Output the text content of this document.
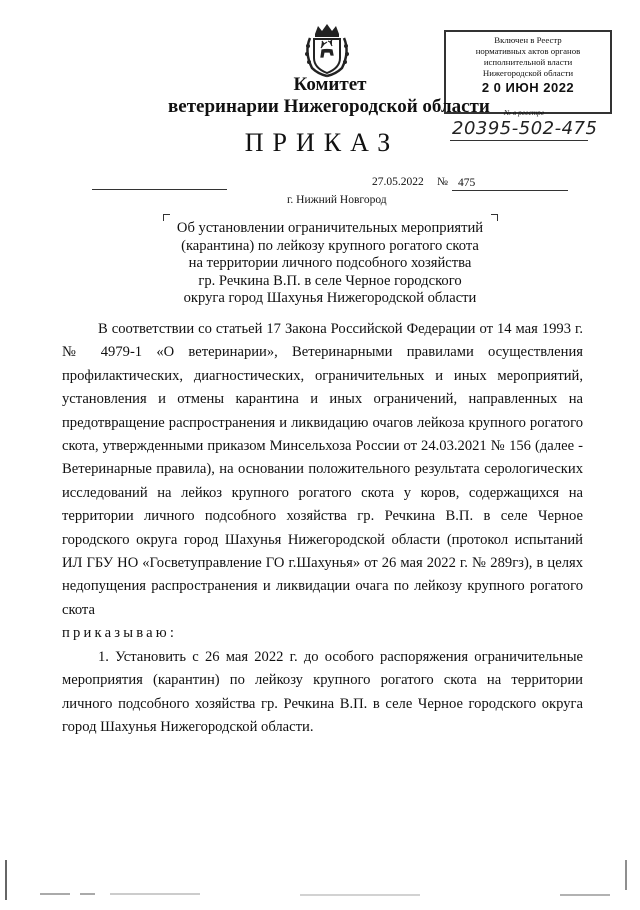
Включен в Реестр
нормативных актов органов
исполнительной власти
Нижегородской области
2 0 ИЮН 2022
№ в реестре
20395-502-475
Комитет
ветеринарии Нижегородской области
ПРИКАЗ
27.05.2022 № 475
г. Нижний Новгород
Об установлении ограничительных мероприятий
(карантина) по лейкозу крупного рогатого скота
на территории личного подсобного хозяйства
гр. Речкина В.П. в селе Черное городского
округа город Шахунья Нижегородской области

В соответствии со статьей 17 Закона Российской Федерации от 14 мая 1993 г. № 4979-1 «О ветеринарии», Ветеринарными правилами осуществления профилактических, диагностических, ограничительных и иных мероприятий, установления и отмены карантина и иных ограничений, направленных на предотвращение распространения и ликвидацию очагов лейкоза крупного рогатого скота, утвержденными приказом Минсельхоза России от 24.03.2021 № 156 (далее - Ветеринарные правила), на основании положительного результата серологических исследований на лейкоз крупного рогатого скота у коров, содержащихся на территории личного подсобного хозяйства гр. Речкина В.П. в селе Черное городского округа город Шахунья Нижегородской области (протокол испытаний ИЛ ГБУ НО «Госветуправление ГО г.Шахунья» от 26 мая 2022 г. № 289гз), в целях недопущения распространения и ликвидации очага по лейкозу крупного рогатого скота

приказываю:

1. Установить с 26 мая 2022 г. до особого распоряжения ограничительные мероприятия (карантин) по лейкозу крупного рогатого скота на территории личного подсобного хозяйства гр. Речкина В.П. в селе Черное городского округа город Шахунья Нижегородской области.
